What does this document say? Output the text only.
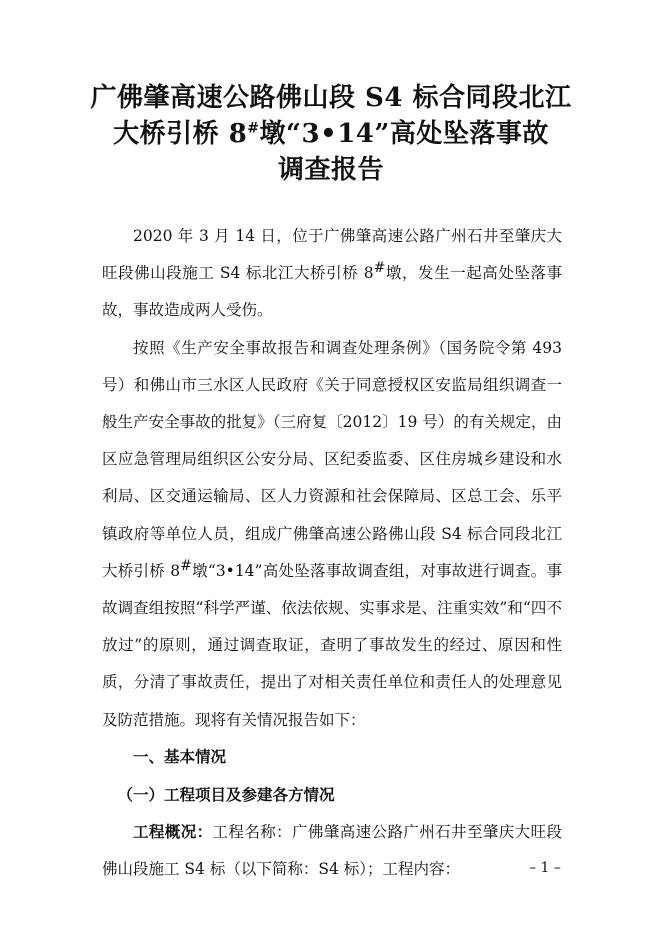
广佛肇高速公路佛山段 S4 标合同段北江
大桥引桥 8#墩“3•14”高处坠落事故
调查报告

2020 年 3 月 14 日，位于广佛肇高速公路广州石井至肇庆大旺段佛山段施工 S4 标北江大桥引桥 8#墩，发生一起高处坠落事故，事故造成两人受伤。

按照《生产安全事故报告和调查处理条例》（国务院令第 493 号）和佛山市三水区人民政府《关于同意授权区安监局组织调查一般生产安全事故的批复》（三府复〔2012〕19 号）的有关规定，由区应急管理局组织区公安分局、区纪委监委、区住房城乡建设和水利局、区交通运输局、区人力资源和社会保障局、区总工会、乐平镇政府等单位人员，组成广佛肇高速公路佛山段 S4 标合同段北江大桥引桥 8#墩“3•14”高处坠落事故调查组，对事故进行调查。事故调查组按照“科学严谨、依法依规、实事求是、注重实效”和“四不放过”的原则，通过调查取证，查明了事故发生的经过、原因和性质，分清了事故责任，提出了对相关责任单位和责任人的处理意见及防范措施。现将有关情况报告如下：

一、基本情况

（一）工程项目及参建各方情况

工程概况：工程名称：广佛肇高速公路广州石井至肇庆大旺段佛山段施工 S4 标（以下简称：S4 标）；工程内容：	– 1 –
